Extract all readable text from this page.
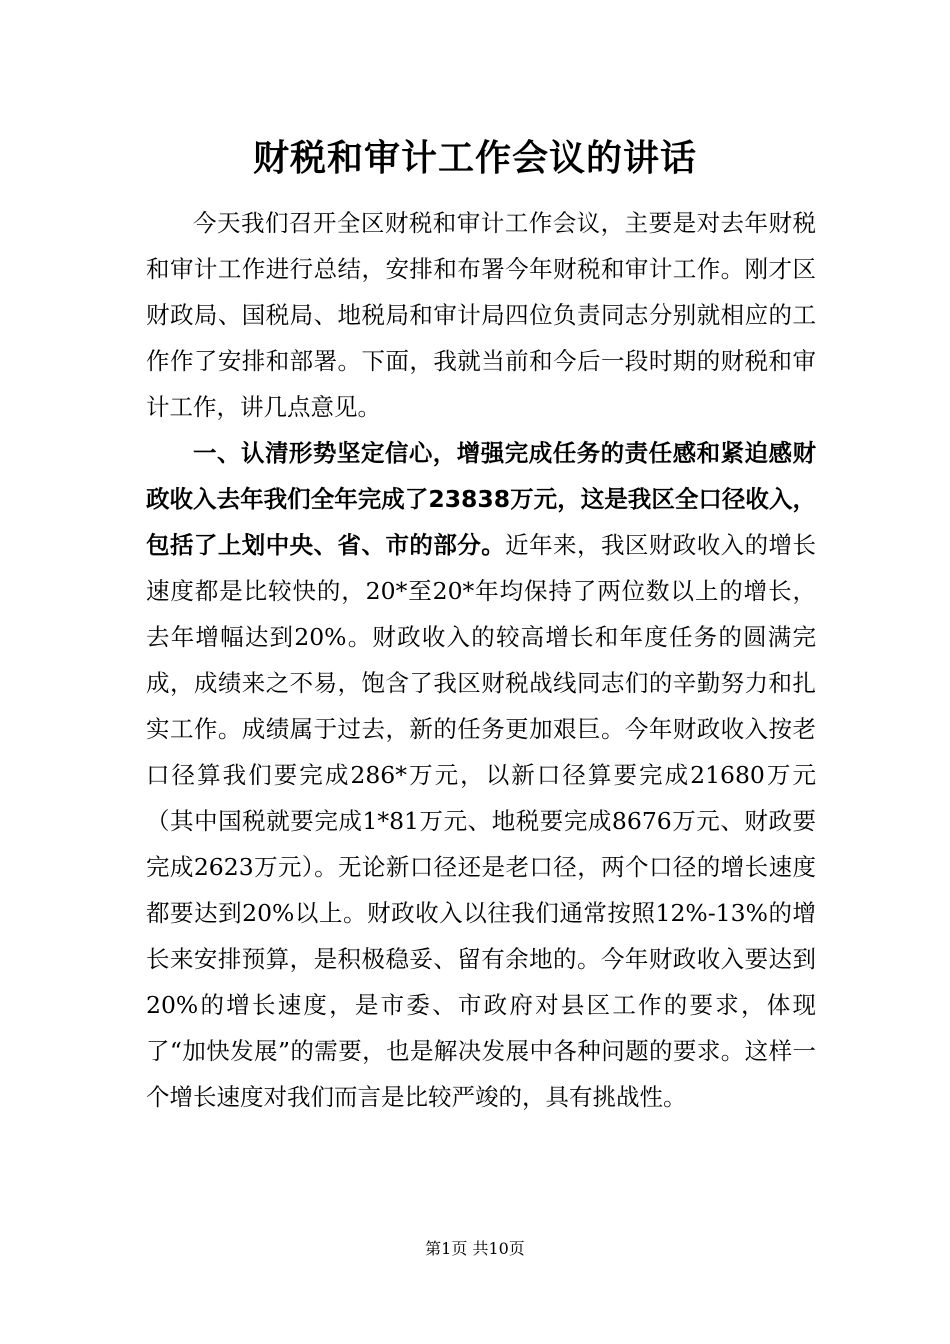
财税和审计工作会议的讲话

今天我们召开全区财税和审计工作会议，主要是对去年财税和审计工作进行总结，安排和布署今年财税和审计工作。刚才区财政局、国税局、地税局和审计局四位负责同志分别就相应的工作作了安排和部署。下面，我就当前和今后一段时期的财税和审计工作，讲几点意见。

一、认清形势坚定信心，增强完成任务的责任感和紧迫感财政收入去年我们全年完成了23838万元，这是我区全口径收入，包括了上划中央、省、市的部分。近年来，我区财政收入的增长速度都是比较快的，20*至20*年均保持了两位数以上的增长，去年增幅达到20%。财政收入的较高增长和年度任务的圆满完成，成绩来之不易，饱含了我区财税战线同志们的辛勤努力和扎实工作。成绩属于过去，新的任务更加艰巨。今年财政收入按老口径算我们要完成286*万元，以新口径算要完成21680万元（其中国税就要完成1*81万元、地税要完成8676万元、财政要完成2623万元）。无论新口径还是老口径，两个口径的增长速度都要达到20%以上。财政收入以往我们通常按照12%-13%的增长来安排预算，是积极稳妥、留有余地的。今年财政收入要达到20%的增长速度，是市委、市政府对县区工作的要求，体现了“加快发展”的需要，也是解决发展中各种问题的要求。这样一个增长速度对我们而言是比较严竣的，具有挑战性。

第1页 共10页
